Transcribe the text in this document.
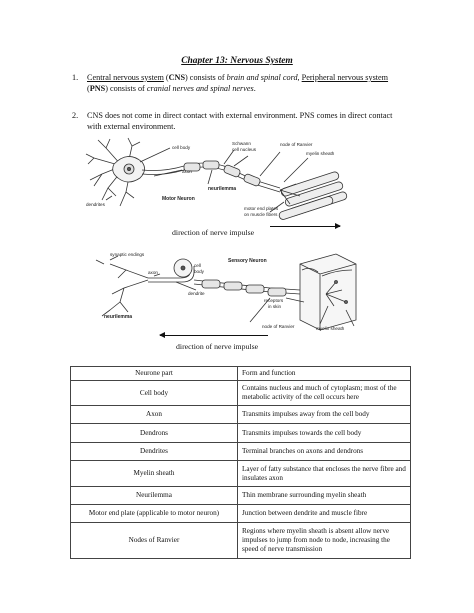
Chapter 13: Nervous System
1. Central nervous system (CNS) consists of brain and spinal cord, Peripheral nervous system
(PNS) consists of cranial nerves and spinal nerves.
2. CNS does not come in direct contact with external environment. PNS comes in direct contact with external environment.
cell body
Schwann
cell nucleus
node of Ranvier
myelin sheath
axon
neurilemma
dendrites
Motor Neuron
motor end plates
on muscle fibers
direction of nerve impulse
synaptic endings
axon
cell
body
Sensory Neuron
dendrite
receptors
in skin
neurilemma
node of Ranvier	myelin sheath
direction of nerve impulse
Neurone part	Form and function
Cell body	Contains nucleus and much of cytoplasm; most of the metabolic activity of the cell occurs here
Axon	Transmits impulses away from the cell body
Dendrons	Transmits impulses towards the cell body
Dendrites	Terminal branches on axons and dendrons
Myelin sheath	Layer of fatty substance that encloses the nerve fibre and insulates axon
Neurilemma	Thin membrane surrounding myelin sheath
Motor end plate (applicable to motor neuron)	Junction between dendrite and muscle fibre
Nodes of Ranvier	Regions where myelin sheath is absent allow nerve impulses to jump from node to node, increasing the speed of nerve transmission
